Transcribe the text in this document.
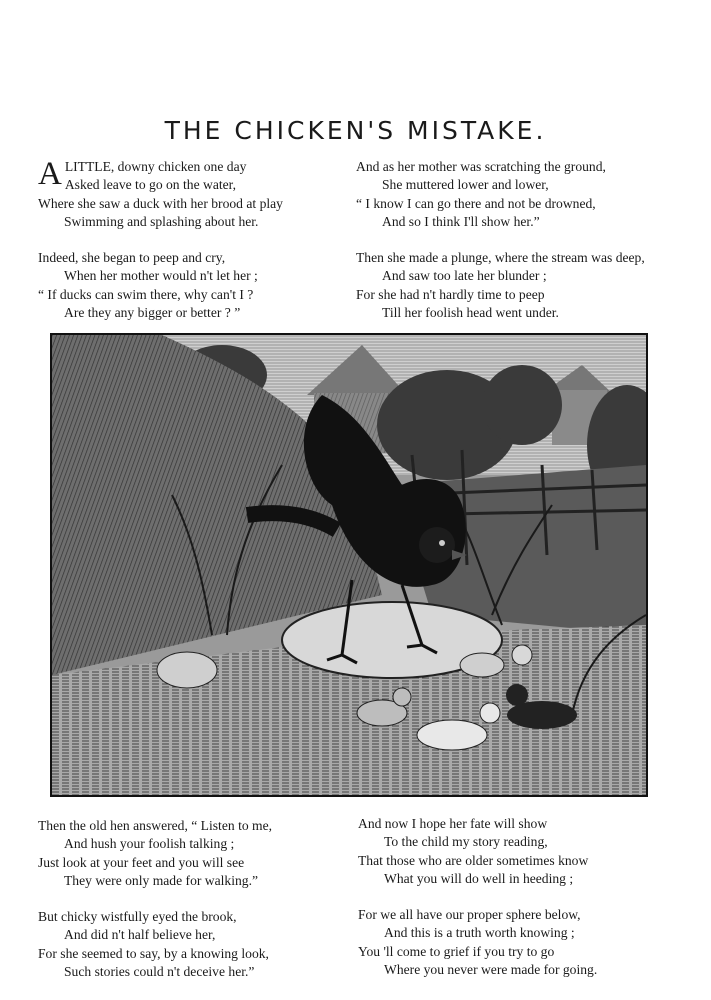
THE CHICKEN'S MISTAKE.
A LITTLE, downy chicken one day
Asked leave to go on the water,
Where she saw a duck with her brood at play
Swimming and splashing about her.
Indeed, she began to peep and cry,
When her mother would n't let her ;
“ If ducks can swim there, why can't I ?
Are they any bigger or better ? ”
And as her mother was scratching the ground,
She muttered lower and lower,
“ I know I can go there and not be drowned,
And so I think I'll show her.”
Then she made a plunge, where the stream was deep,
And saw too late her blunder ;
For she had n't hardly time to peep
Till her foolish head went under.
Then the old hen answered, “ Listen to me,
And hush your foolish talking ;
Just look at your feet and you will see
They were only made for walking.”
But chicky wistfully eyed the brook,
And did n't half believe her,
For she seemed to say, by a knowing look,
Such stories could n't deceive her.”
And now I hope her fate will show
To the child my story reading,
That those who are older sometimes know
What you will do well in heeding ;
For we all have our proper sphere below,
And this is a truth worth knowing ;
You 'll come to grief if you try to go
Where you never were made for going.
